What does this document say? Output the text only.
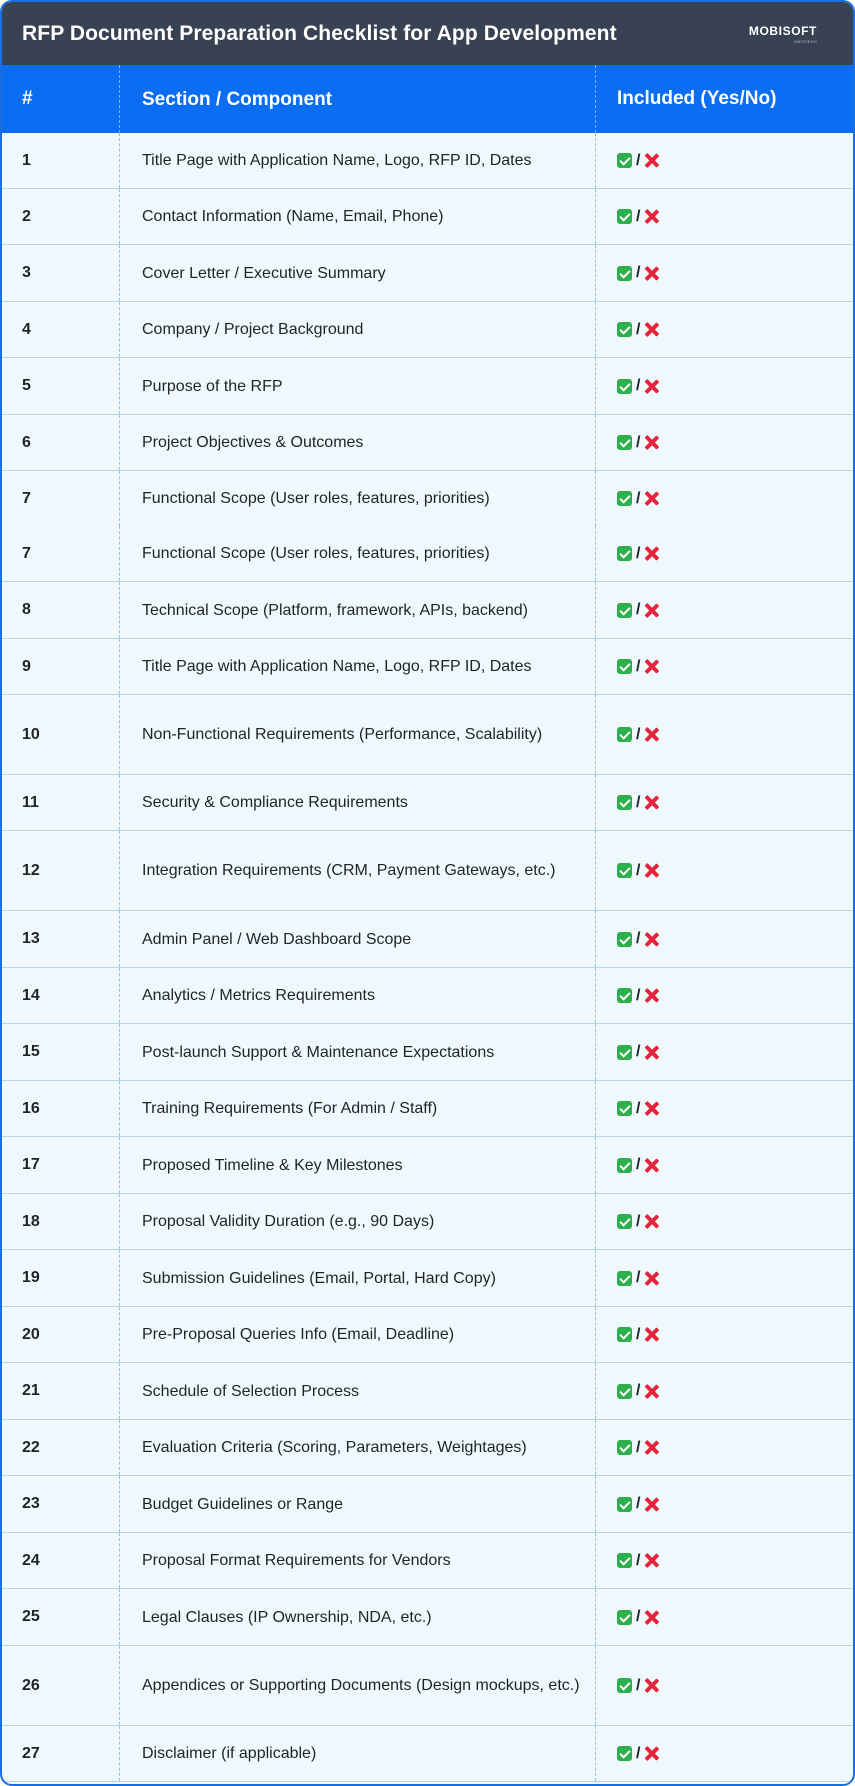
RFP Document Preparation Checklist for App Development	MOBISOFT
INFOTECH
#	Section / Component	Included (Yes/No)
1	Title Page with Application Name, Logo, RFP ID, Dates	/
2	Contact Information (Name, Email, Phone)	/
3	Cover Letter / Executive Summary	/
4	Company / Project Background	/
5	Purpose of the RFP	/
6	Project Objectives & Outcomes	/
7	Functional Scope (User roles, features, priorities)	/
7	Functional Scope (User roles, features, priorities)	/
8	Technical Scope (Platform, framework, APIs, backend)	/
9	Title Page with Application Name, Logo, RFP ID, Dates	/
10	Non-Functional Requirements (Performance, Scalability)	/
11	Security & Compliance Requirements	/
12	Integration Requirements (CRM, Payment Gateways, etc.)	/
13	Admin Panel / Web Dashboard Scope	/
14	Analytics / Metrics Requirements	/
15	Post-launch Support & Maintenance Expectations	/
16	Training Requirements (For Admin / Staff)	/
17	Proposed Timeline & Key Milestones	/
18	Proposal Validity Duration (e.g., 90 Days)	/
19	Submission Guidelines (Email, Portal, Hard Copy)	/
20	Pre-Proposal Queries Info (Email, Deadline)	/
21	Schedule of Selection Process	/
22	Evaluation Criteria (Scoring, Parameters, Weightages)	/
23	Budget Guidelines or Range	/
24	Proposal Format Requirements for Vendors	/
25	Legal Clauses (IP Ownership, NDA, etc.)	/
26	Appendices or Supporting Documents (Design mockups, etc.)	/
27	Disclaimer (if applicable)	/
